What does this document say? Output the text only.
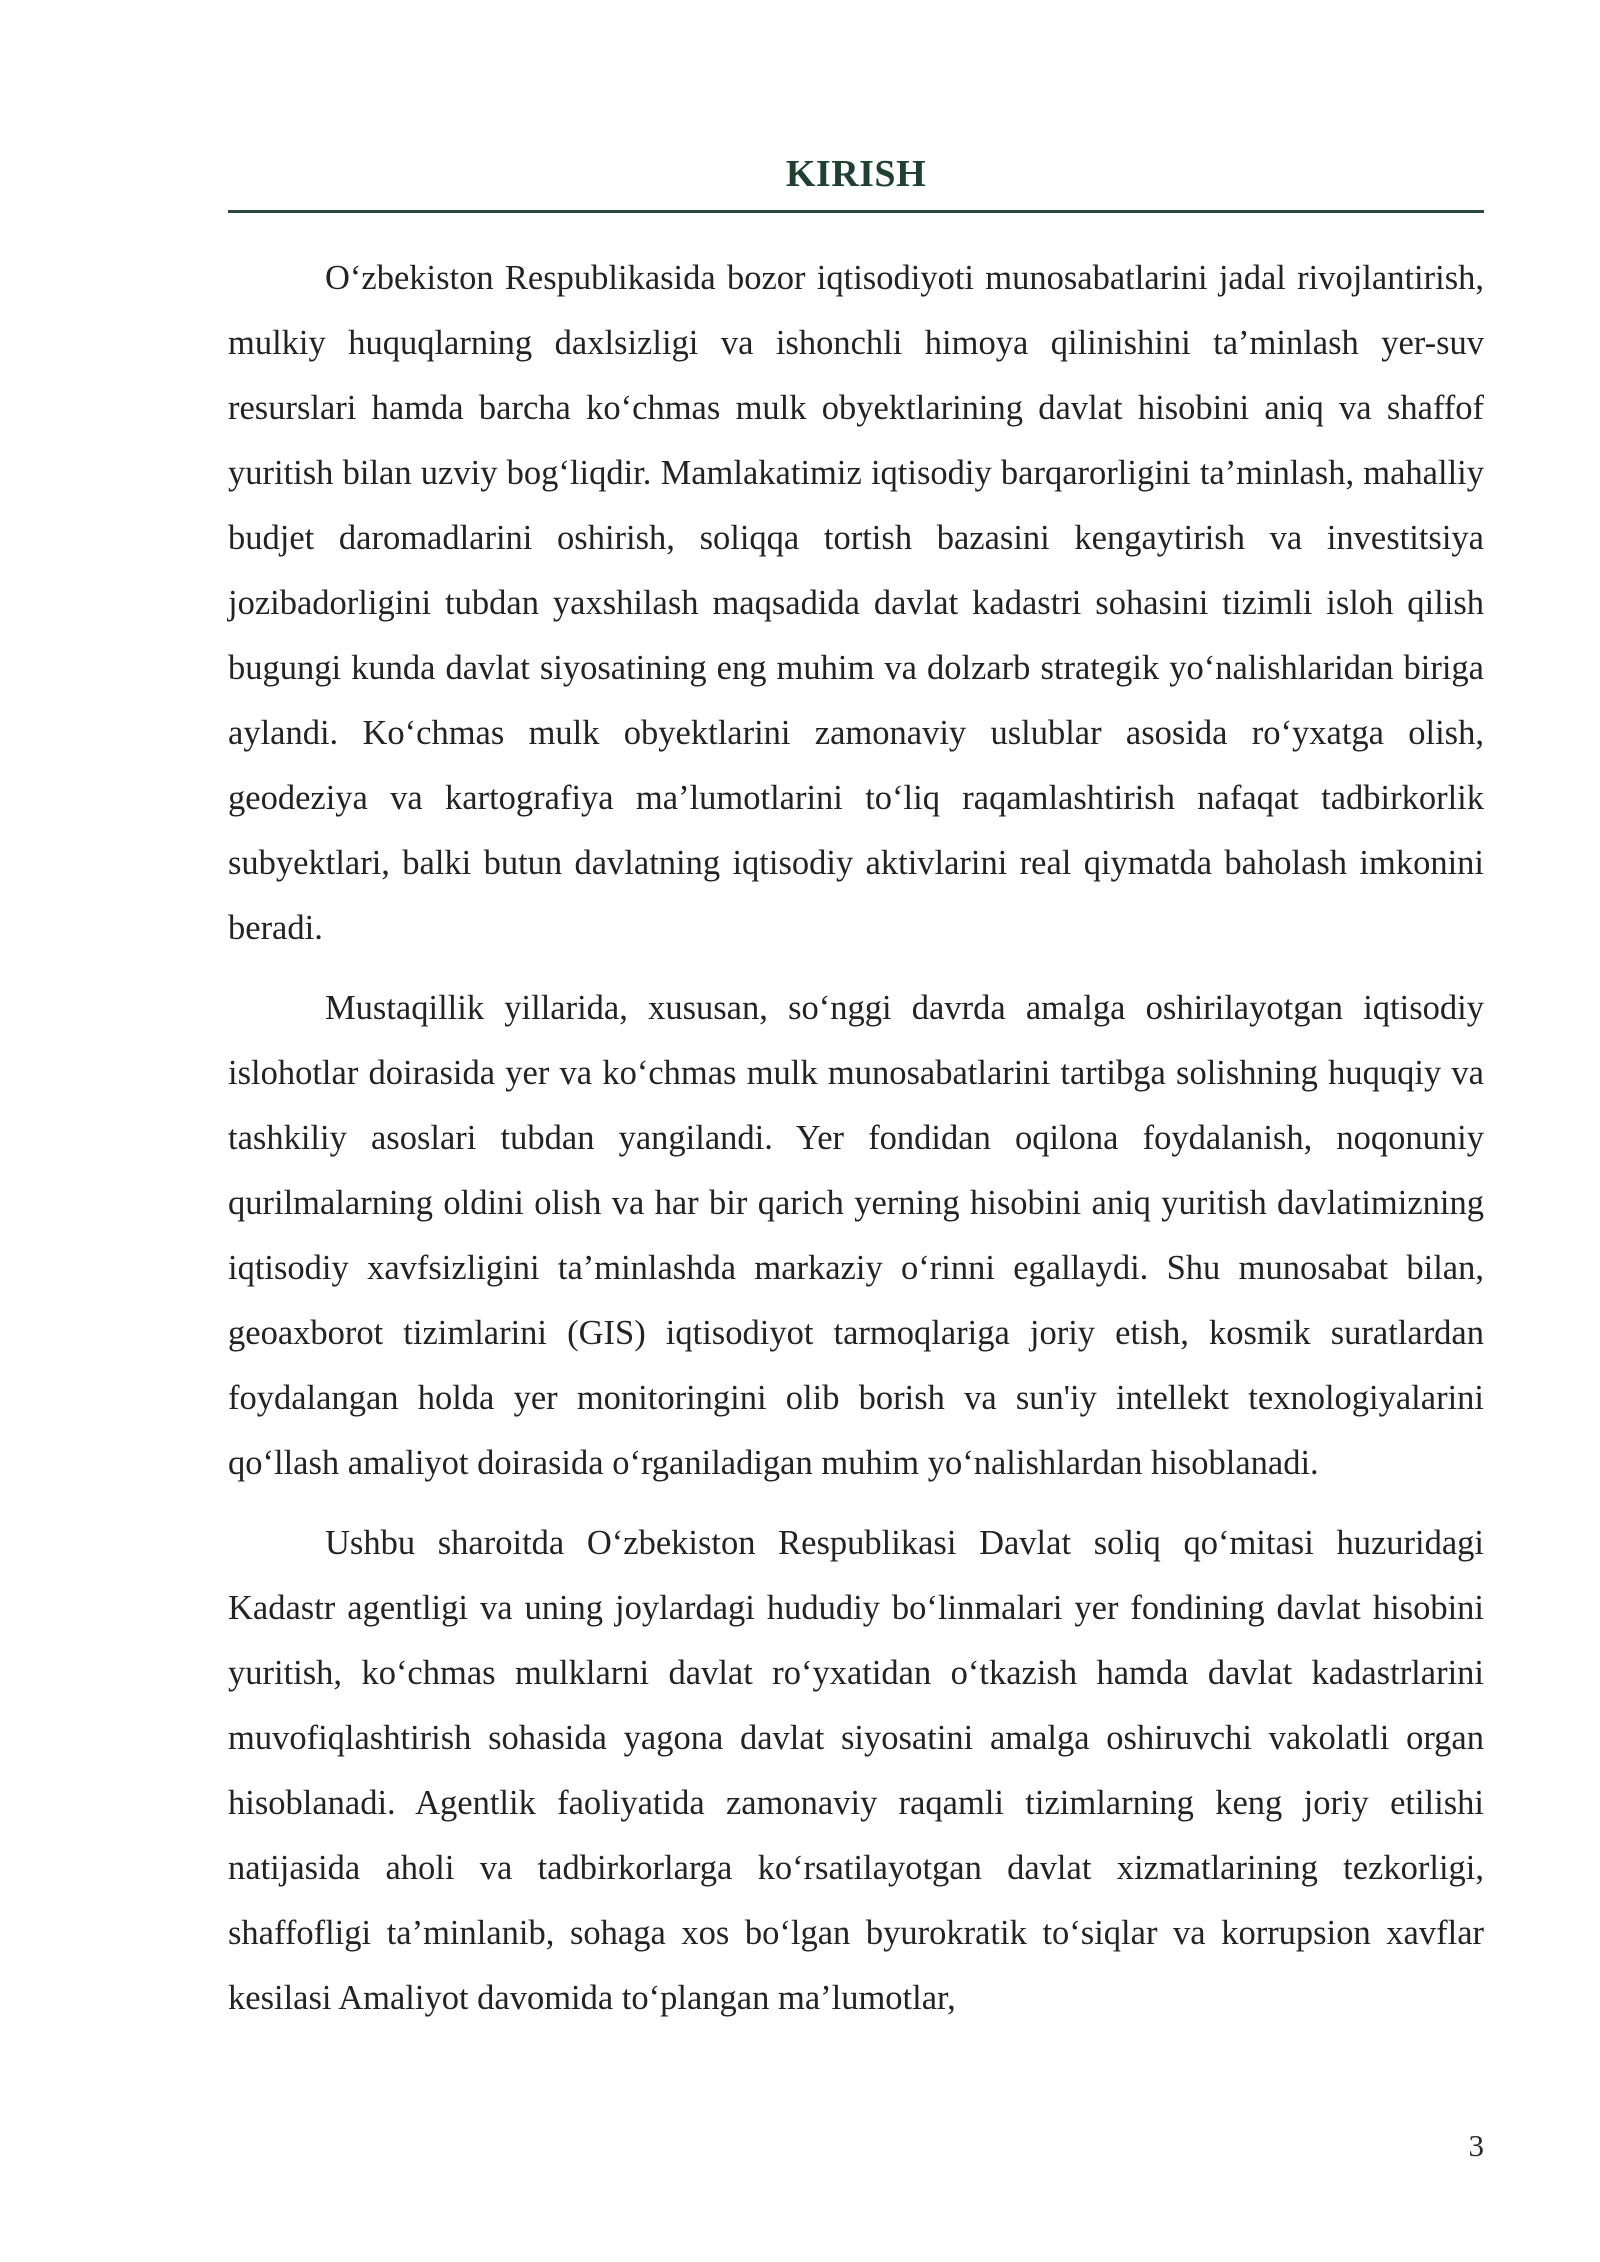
KIRISH

O‘zbekiston Respublikasida bozor iqtisodiyoti munosabatlarini jadal rivojlantirish, mulkiy huquqlarning daxlsizligi va ishonchli himoya qilinishini ta’minlash yer-suv resurslari hamda barcha ko‘chmas mulk obyektlarining davlat hisobini aniq va shaffof yuritish bilan uzviy bog‘liqdir. Mamlakatimiz iqtisodiy barqarorligini ta’minlash, mahalliy budjet daromadlarini oshirish, soliqqa tortish bazasini kengaytirish va investitsiya jozibadorligini tubdan yaxshilash maqsadida davlat kadastri sohasini tizimli isloh qilish bugungi kunda davlat siyosatining eng muhim va dolzarb strategik yo‘nalishlaridan biriga aylandi. Ko‘chmas mulk obyektlarini zamonaviy uslublar asosida ro‘yxatga olish, geodeziya va kartografiya ma’lumotlarini to‘liq raqamlashtirish nafaqat tadbirkorlik subyektlari, balki butun davlatning iqtisodiy aktivlarini real qiymatda baholash imkonini beradi.

Mustaqillik yillarida, xususan, so‘nggi davrda amalga oshirilayotgan iqtisodiy islohotlar doirasida yer va ko‘chmas mulk munosabatlarini tartibga solishning huquqiy va tashkiliy asoslari tubdan yangilandi. Yer fondidan oqilona foydalanish, noqonuniy qurilmalarning oldini olish va har bir qarich yerning hisobini aniq yuritish davlatimizning iqtisodiy xavfsizligini ta’minlashda markaziy o‘rinni egallaydi. Shu munosabat bilan, geoaxborot tizimlarini (GIS) iqtisodiyot tarmoqlariga joriy etish, kosmik suratlardan foydalangan holda yer monitoringini olib borish va sun'iy intellekt texnologiyalarini qo‘llash amaliyot doirasida o‘rganiladigan muhim yo‘nalishlardan hisoblanadi.

Ushbu sharoitda O‘zbekiston Respublikasi Davlat soliq qo‘mitasi huzuridagi Kadastr agentligi va uning joylardagi hududiy bo‘linmalari yer fondining davlat hisobini yuritish, ko‘chmas mulklarni davlat ro‘yxatidan o‘tkazish hamda davlat kadastrlarini muvofiqlashtirish sohasida yagona davlat siyosatini amalga oshiruvchi vakolatli organ hisoblanadi. Agentlik faoliyatida zamonaviy raqamli tizimlarning keng joriy etilishi natijasida aholi va tadbirkorlarga ko‘rsatilayotgan davlat xizmatlarining tezkorligi, shaffofligi ta’minlanib, sohaga xos bo‘lgan byurokratik to‘siqlar va korrupsion xavflar kesilasi Amaliyot davomida to‘plangan ma’lumotlar,

3
